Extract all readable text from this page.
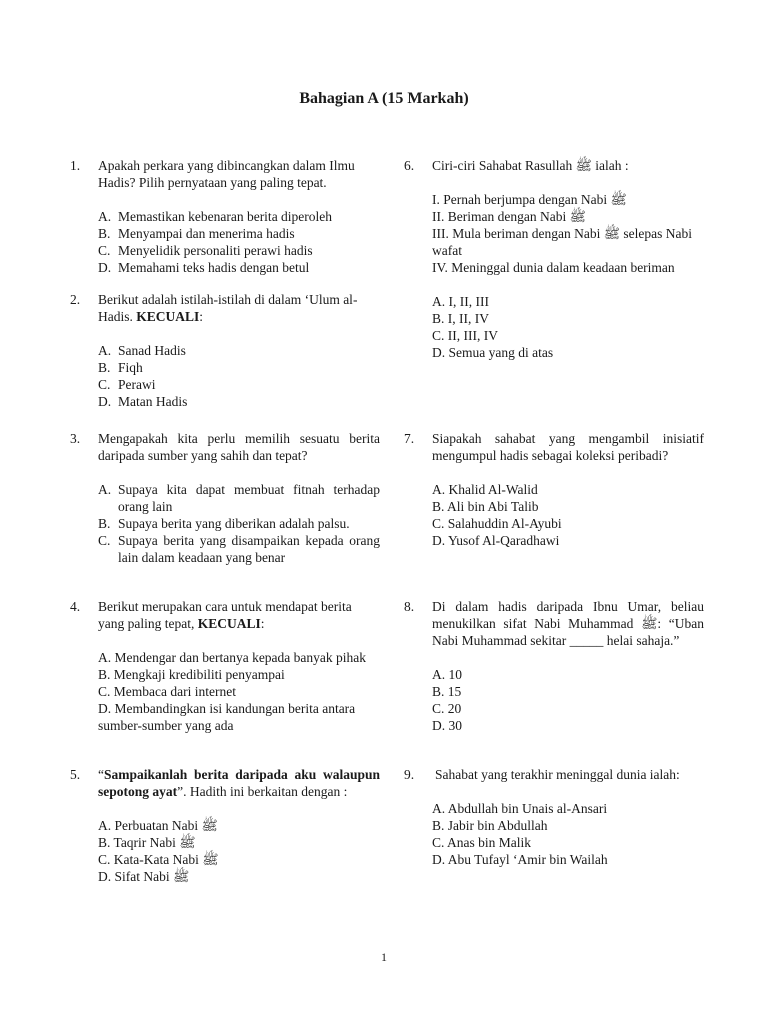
Bahagian A (15 Markah)
1. Apakah perkara yang dibincangkan dalam Ilmu Hadis? Pilih pernyataan yang paling tepat.

A. Memastikan kebenaran berita diperoleh
B. Menyampai dan menerima hadis
C. Menyelidik personaliti perawi hadis
D. Memahami teks hadis dengan betul
2. Berikut adalah istilah-istilah di dalam ‘Ulum al-Hadis. KECUALI:

A. Sanad Hadis
B. Fiqh
C. Perawi
D. Matan Hadis
3. Mengapakah kita perlu memilih sesuatu berita daripada sumber yang sahih dan tepat?

A. Supaya kita dapat membuat fitnah terhadap orang lain
B. Supaya berita yang diberikan adalah palsu.
C. Supaya berita yang disampaikan kepada orang lain dalam keadaan yang benar
4. Berikut merupakan cara untuk mendapat berita yang paling tepat, KECUALI:

A. Mendengar dan bertanya kepada banyak pihak
B. Mengkaji kredibiliti penyampai
C. Membaca dari internet
D. Membandingkan isi kandungan berita antara sumber-sumber yang ada
5. “Sampaikanlah berita daripada aku walaupun sepotong ayat”. Hadith ini berkaitan dengan :

A. Perbuatan Nabi ﷺ
B. Taqrir Nabi ﷺ
C. Kata-Kata Nabi ﷺ
D. Sifat Nabi ﷺ
6. Ciri-ciri Sahabat Rasullah ﷺ ialah :

I. Pernah berjumpa dengan Nabi ﷺ
II. Beriman dengan Nabi ﷺ
III. Mula beriman dengan Nabi ﷺ selepas Nabi wafat
IV. Meninggal dunia dalam keadaan beriman
A. I, II, III
B. I, II, IV
C. II, III, IV
D. Semua yang di atas
7. Siapakah sahabat yang mengambil inisiatif mengumpul hadis sebagai koleksi peribadi?

A. Khalid Al-Walid
B. Ali bin Abi Talib
C. Salahuddin Al-Ayubi
D. Yusof Al-Qaradhawi
8. Di dalam hadis daripada Ibnu Umar, beliau menukilkan sifat Nabi Muhammad ﷺ: “Uban Nabi Muhammad sekitar _____ helai sahaja.”

A. 10
B. 15
C. 20
D. 30
9. Sahabat yang terakhir meninggal dunia ialah:

A. Abdullah bin Unais al-Ansari
B. Jabir bin Abdullah
C. Anas bin Malik
D. Abu Tufayl ‘Amir bin Wailah
1
